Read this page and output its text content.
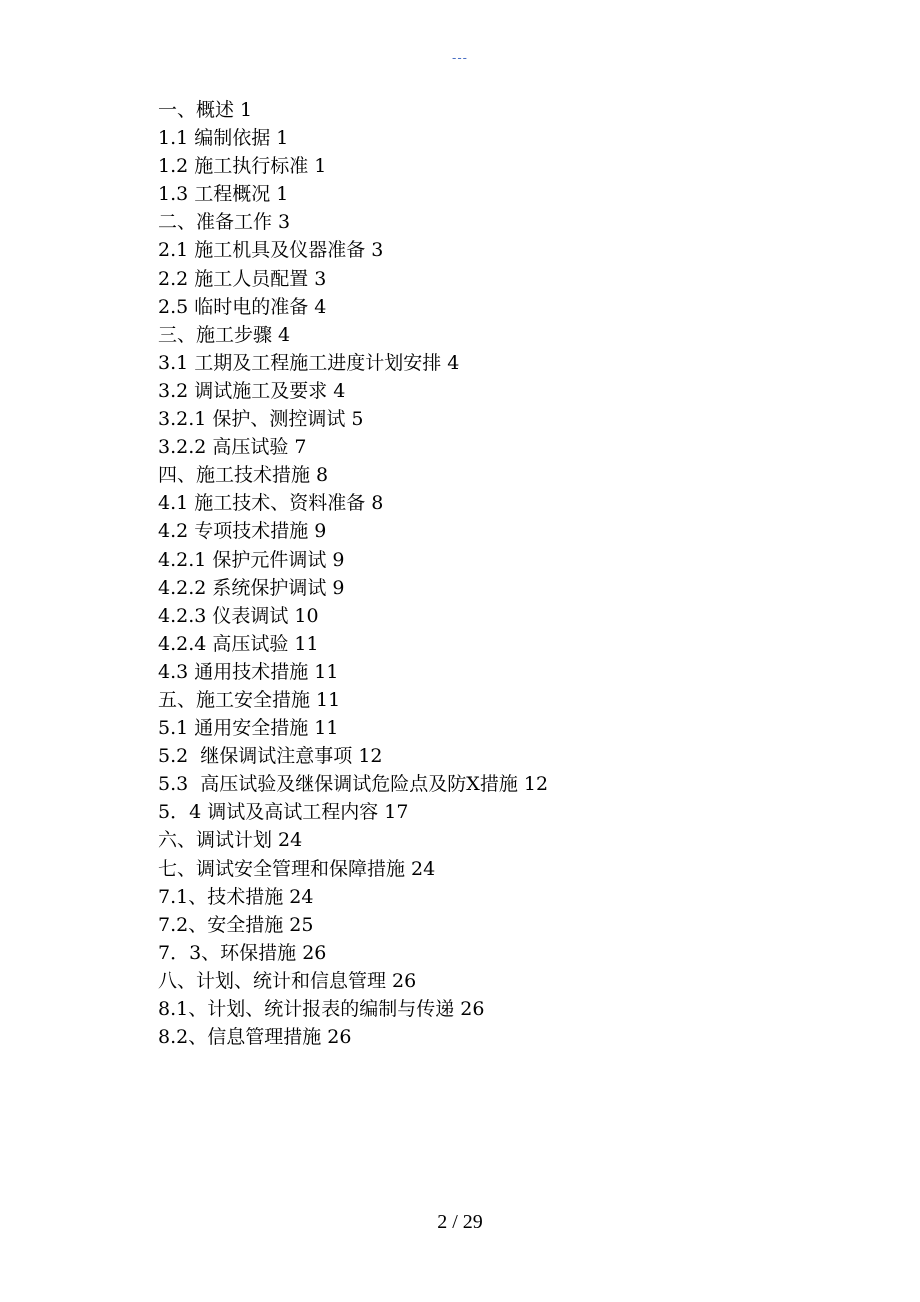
---
一、概述 1
1.1 编制依据 1
1.2 施工执行标准 1
1.3 工程概况 1
二、准备工作 3
2.1 施工机具及仪器准备 3
2.2 施工人员配置 3
2.5 临时电的准备 4
三、施工步骤 4
3.1 工期及工程施工进度计划安排 4
3.2 调试施工及要求 4
3.2.1 保护、测控调试 5
3.2.2 高压试验 7
四、施工技术措施 8
4.1 施工技术、资料准备 8
4.2 专项技术措施 9
4.2.1 保护元件调试 9
4.2.2 系统保护调试 9
4.2.3 仪表调试 10
4.2.4 高压试验 11
4.3 通用技术措施 11
五、施工安全措施 11
5.1 通用安全措施 11
5.2  继保调试注意事项 12
5.3  高压试验及继保调试危险点及防X措施 12
5．4 调试及高试工程内容 17
六、调试计划 24
七、调试安全管理和保障措施 24
7.1、技术措施 24
7.2、安全措施 25
7．3、环保措施 26
八、计划、统计和信息管理 26
8.1、计划、统计报表的编制与传递 26
8.2、信息管理措施 26
2 / 29
